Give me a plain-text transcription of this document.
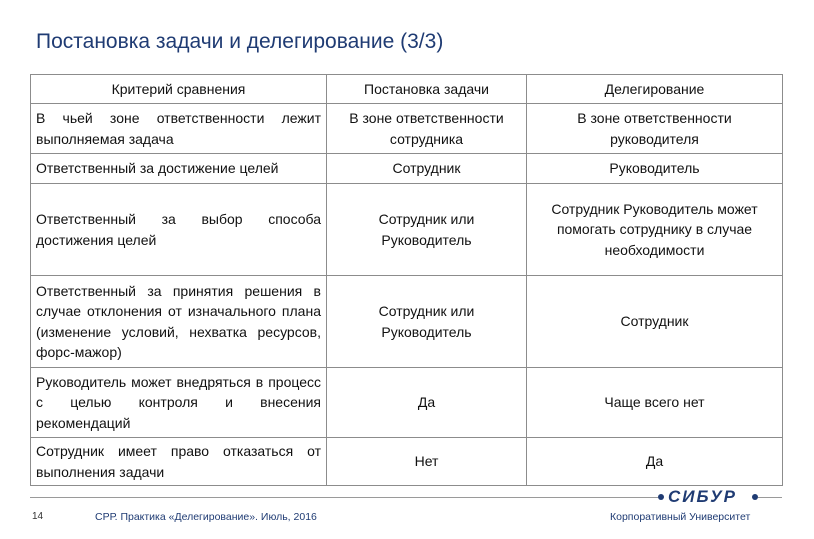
Постановка задачи и делегирование (3/3)
Критерий сравнения	Постановка задачи	Делегирование
В чьей зоне ответственности лежит выполняемая задача	В зоне ответственности сотрудника	В зоне ответственности руководителя
Ответственный за достижение целей	Сотрудник	Руководитель
Ответственный за выбор способа достижения целей	Сотрудник или Руководитель	Сотрудник Руководитель может помогать сотруднику в случае необходимости
Ответственный за принятия решения в случае отклонения от изначального плана (изменение условий, нехватка ресурсов, форс-мажор)	Сотрудник или Руководитель	Сотрудник
Руководитель может внедряться в процесс с целью контроля и внесения рекомендаций	Да	Чаще всего нет
Сотрудник имеет право отказаться от выполнения задачи	Нет	Да
14	СРР. Практика «Делегирование». Июль, 2016
СИБУР
Корпоративный Университет
